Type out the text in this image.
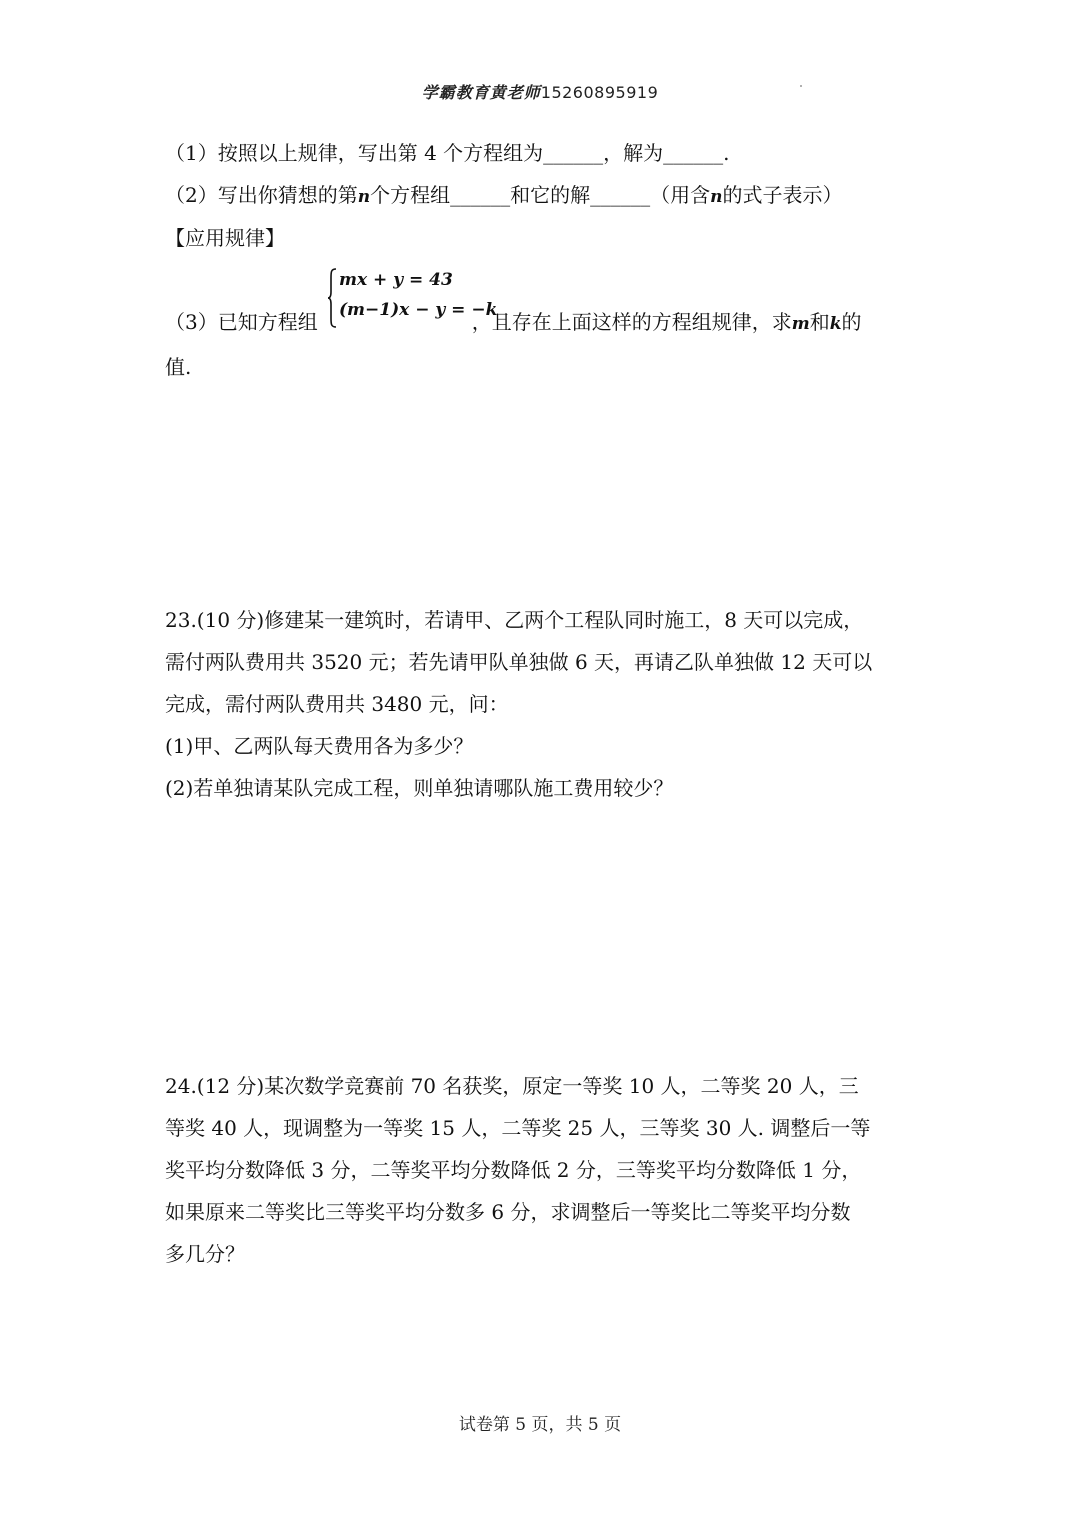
学霸教育黄老师15260895919
（1）按照以上规律，写出第 4 个方程组为______，解为______.
（2）写出你猜想的第n个方程组______和它的解______（用含n的式子表示）
【应用规律】
mx + y = 43
(m−1)x − y = −k
（3）已知方程组	，且存在上面这样的方程组规律，求m和k的
值.
23.(10 分)修建某一建筑时，若请甲、乙两个工程队同时施工，8 天可以完成，
需付两队费用共 3520 元；若先请甲队单独做 6 天，再请乙队单独做 12 天可以
完成，需付两队费用共 3480 元，问：
(1)甲、乙两队每天费用各为多少？
(2)若单独请某队完成工程，则单独请哪队施工费用较少？
24.(12 分)某次数学竞赛前 70 名获奖，原定一等奖 10 人，二等奖 20 人，三
等奖 40 人，现调整为一等奖 15 人，二等奖 25 人，三等奖 30 人. 调整后一等
奖平均分数降低 3 分，二等奖平均分数降低 2 分，三等奖平均分数降低 1 分，
如果原来二等奖比三等奖平均分数多 6 分，求调整后一等奖比二等奖平均分数
多几分？
试卷第 5 页，共 5 页
